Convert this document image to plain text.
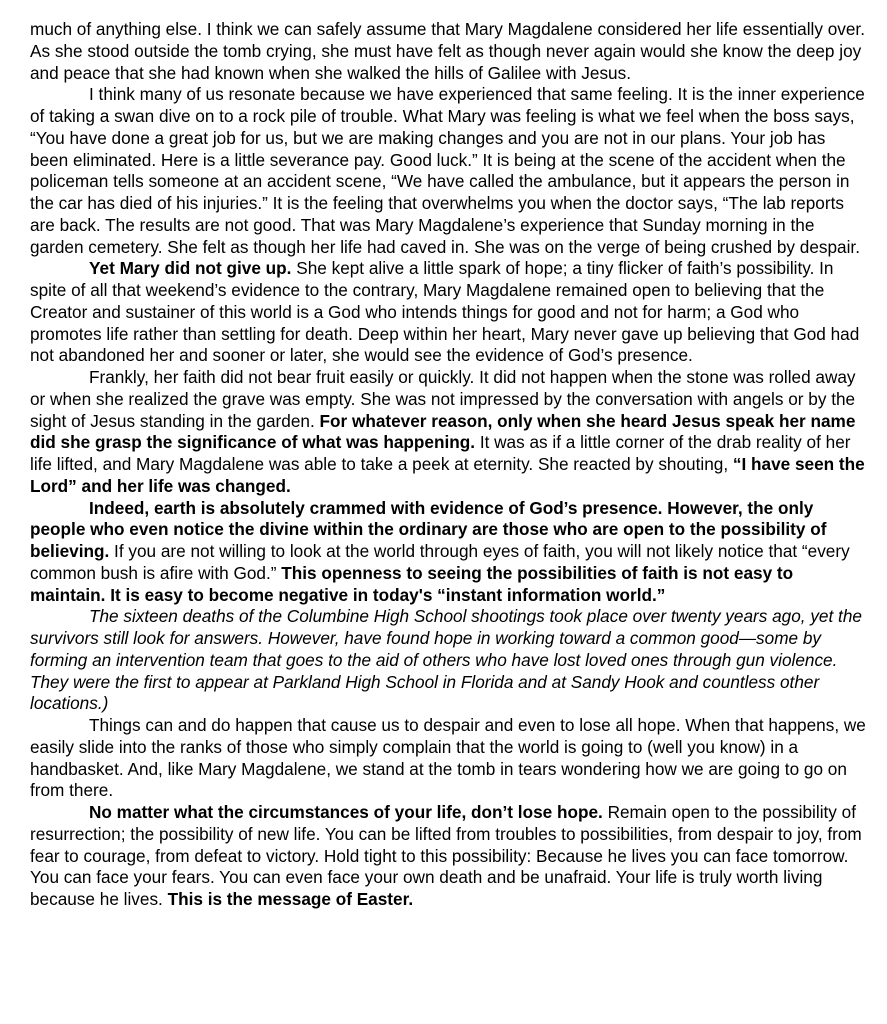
much of anything else. I think we can safely assume that Mary Magdalene considered her life essentially over. As she stood outside the tomb crying, she must have felt as though never again would she know the deep joy and peace that she had known when she walked the hills of Galilee with Jesus.

I think many of us resonate because we have experienced that same feeling. It is the inner experience of taking a swan dive on to a rock pile of trouble. What Mary was feeling is what we feel when the boss says, “You have done a great job for us, but we are making changes and you are not in our plans. Your job has been eliminated. Here is a little severance pay. Good luck.” It is being at the scene of the accident when the policeman tells someone at an accident scene, “We have called the ambulance, but it appears the person in the car has died of his injuries.” It is the feeling that overwhelms you when the doctor says, “The lab reports are back. The results are not good. That was Mary Magdalene’s experience that Sunday morning in the garden cemetery. She felt as though her life had caved in. She was on the verge of being crushed by despair.

Yet Mary did not give up. She kept alive a little spark of hope; a tiny flicker of faith’s possibility. In spite of all that weekend’s evidence to the contrary, Mary Magdalene remained open to believing that the Creator and sustainer of this world is a God who intends things for good and not for harm; a God who promotes life rather than settling for death. Deep within her heart, Mary never gave up believing that God had not abandoned her and sooner or later, she would see the evidence of God’s presence.

Frankly, her faith did not bear fruit easily or quickly. It did not happen when the stone was rolled away or when she realized the grave was empty. She was not impressed by the conversation with angels or by the sight of Jesus standing in the garden. For whatever reason, only when she heard Jesus speak her name did she grasp the significance of what was happening. It was as if a little corner of the drab reality of her life lifted, and Mary Magdalene was able to take a peek at eternity. She reacted by shouting, “I have seen the Lord” and her life was changed.

Indeed, earth is absolutely crammed with evidence of God’s presence. However, the only people who even notice the divine within the ordinary are those who are open to the possibility of believing. If you are not willing to look at the world through eyes of faith, you will not likely notice that “every common bush is afire with God.” This openness to seeing the possibilities of faith is not easy to maintain. It is easy to become negative in today's “instant information world.”

The sixteen deaths of the Columbine High School shootings took place over twenty years ago, yet the survivors still look for answers. However, have found hope in working toward a common good—some by forming an intervention team that goes to the aid of others who have lost loved ones through gun violence. They were the first to appear at Parkland High School in Florida and at Sandy Hook and countless other locations.)

Things can and do happen that cause us to despair and even to lose all hope. When that happens, we easily slide into the ranks of those who simply complain that the world is going to (well you know) in a handbasket. And, like Mary Magdalene, we stand at the tomb in tears wondering how we are going to go on from there.

No matter what the circumstances of your life, don’t lose hope. Remain open to the possibility of resurrection; the possibility of new life. You can be lifted from troubles to possibilities, from despair to joy, from fear to courage, from defeat to victory. Hold tight to this possibility: Because he lives you can face tomorrow. You can face your fears. You can even face your own death and be unafraid. Your life is truly worth living because he lives. This is the message of Easter.
